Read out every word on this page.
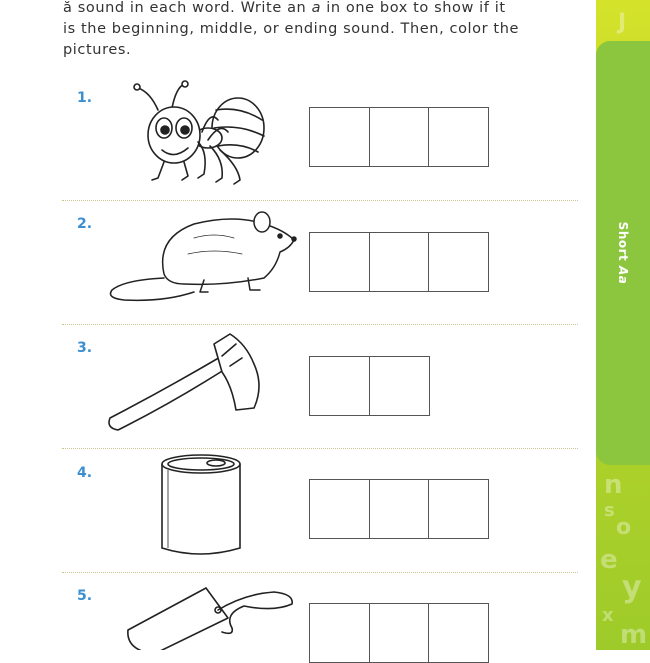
J
n
s
o
e
y
x
m
Short Aa

ă sound in each word. Write an a in one box to show if it

is the beginning, middle, or ending sound. Then, color the

pictures.

1.
2.
3.
4.
5.
